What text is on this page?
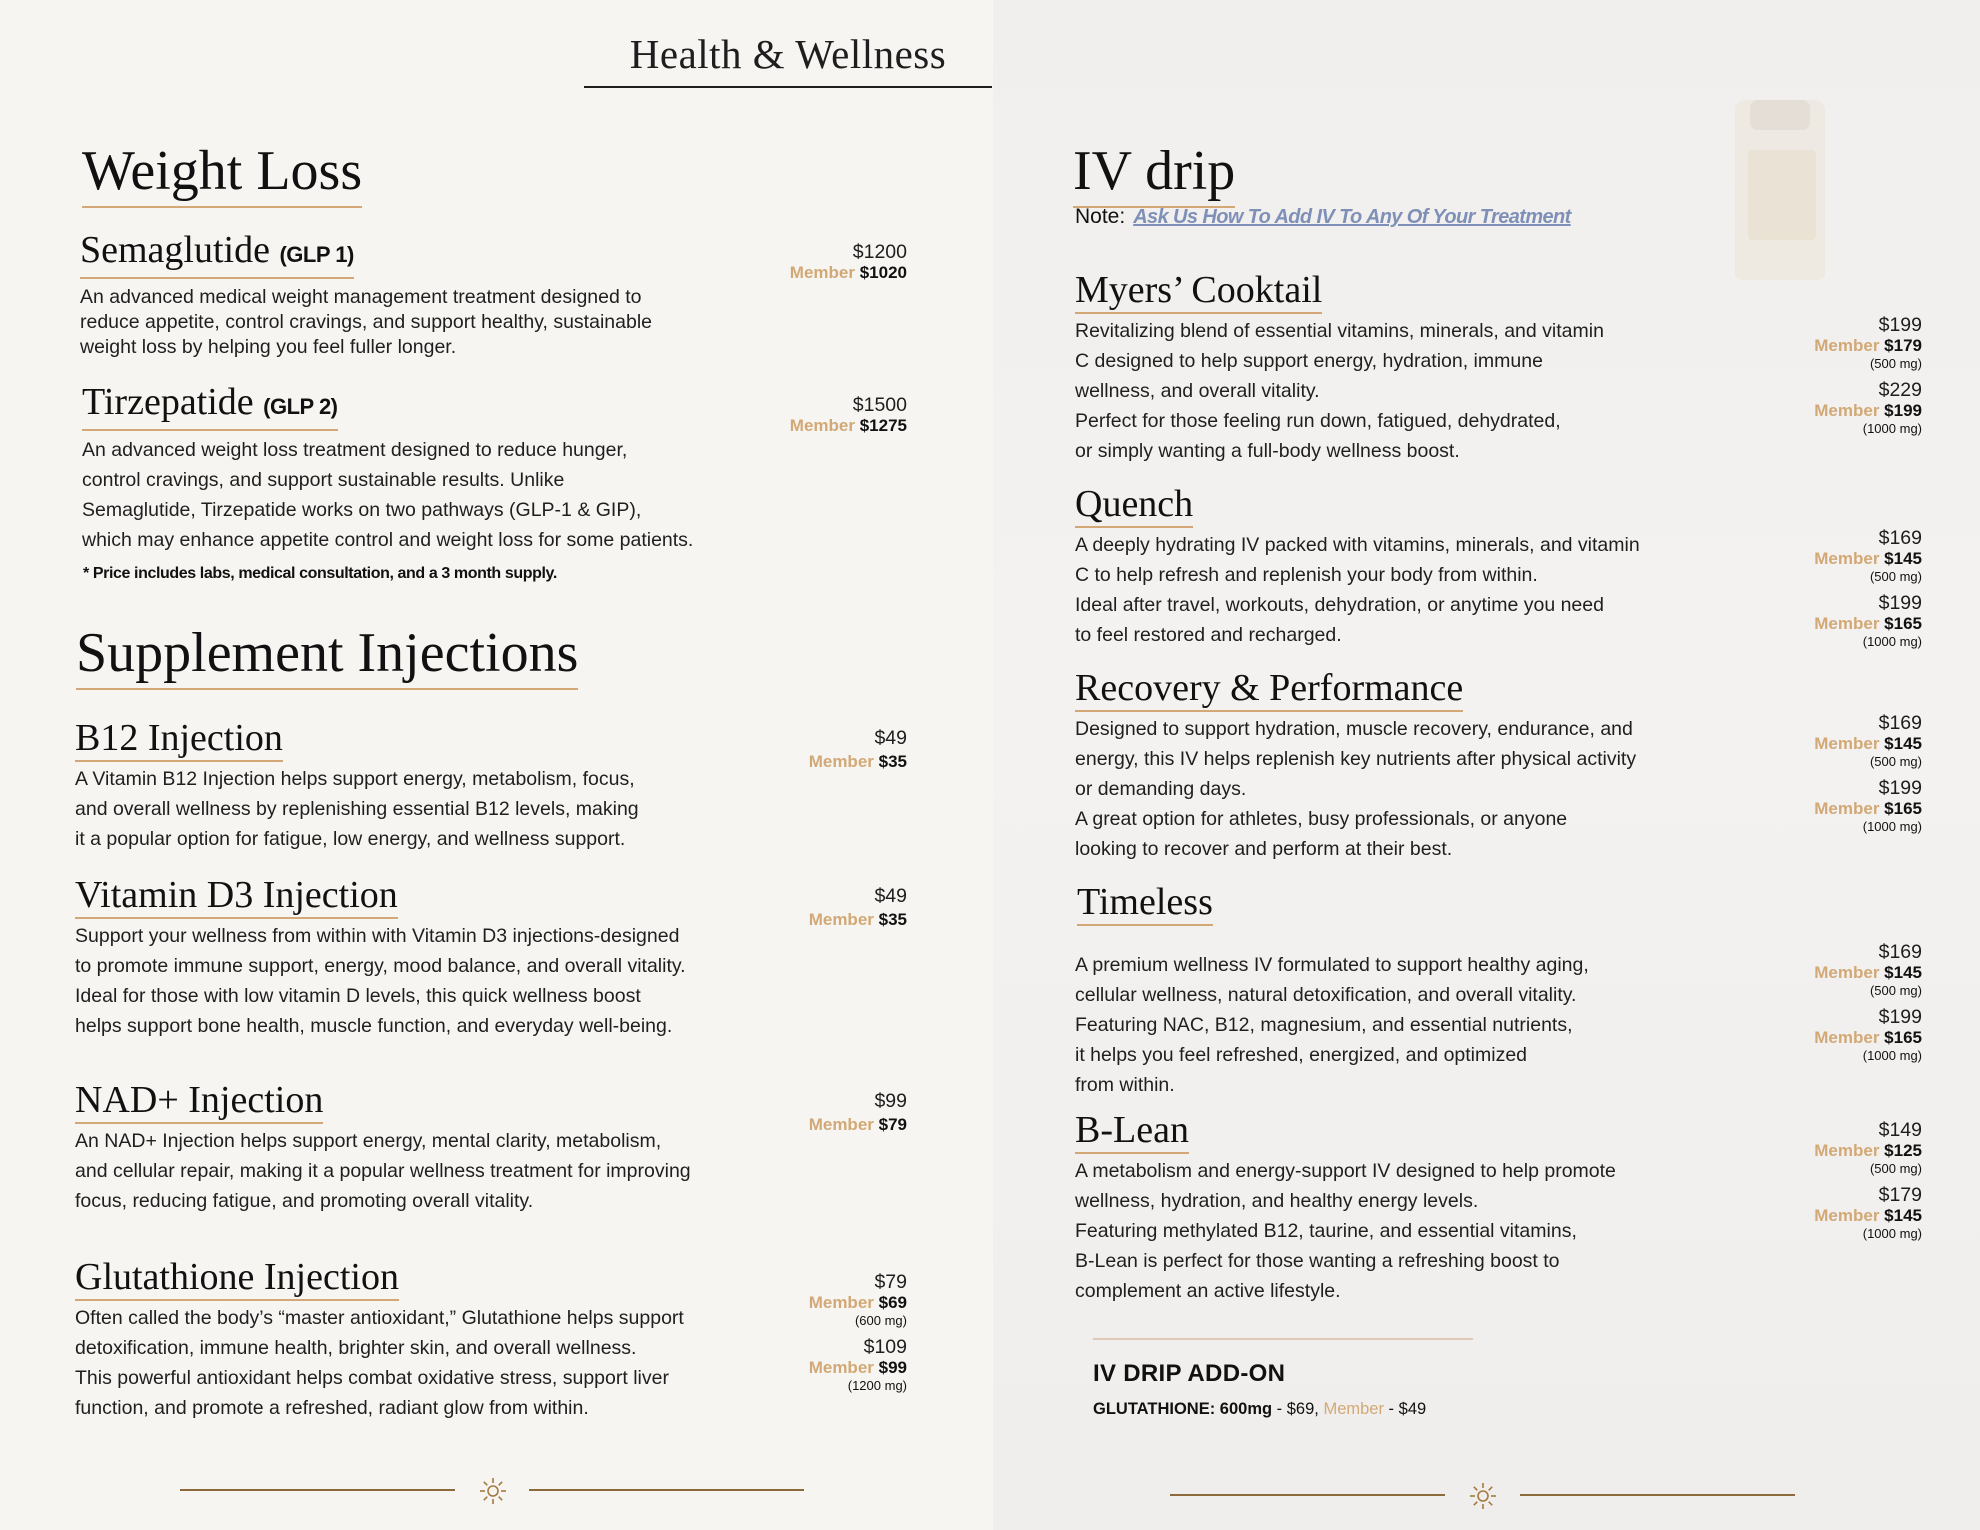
Health & Wellness
Weight Loss
Semaglutide (GLP 1)
An advanced medical weight management treatment designed to
reduce appetite, control cravings, and support healthy, sustainable
weight loss by helping you feel fuller longer.
$1200
Member $1020
Tirzepatide (GLP 2)
An advanced weight loss treatment designed to reduce hunger,
control cravings, and support sustainable results. Unlike
Semaglutide, Tirzepatide works on two pathways (GLP-1 & GIP),
which may enhance appetite control and weight loss for some patients.
$1500
Member $1275
* Price includes labs, medical consultation, and a 3 month supply.
Supplement Injections
B12 Injection
A Vitamin B12 Injection helps support energy, metabolism, focus,
and overall wellness by replenishing essential B12 levels, making
it a popular option for fatigue, low energy, and wellness support.
$49
Member $35
Vitamin D3 Injection
Support your wellness from within with Vitamin D3 injections-designed
to promote immune support, energy, mood balance, and overall vitality.
Ideal for those with low vitamin D levels, this quick wellness boost
helps support bone health, muscle function, and everyday well-being.
$49
Member $35
NAD+ Injection
An NAD+ Injection helps support energy, mental clarity, metabolism,
and cellular repair, making it a popular wellness treatment for improving
focus, reducing fatigue, and promoting overall vitality.
$99
Member $79
Glutathione Injection
Often called the body’s “master antioxidant,” Glutathione helps support
detoxification, immune health, brighter skin, and overall wellness.
This powerful antioxidant helps combat oxidative stress, support liver
function, and promote a refreshed, radiant glow from within.
$79
Member $69
(600 mg)
$109
Member $99
(1200 mg)
IV drip
Note: Ask Us How To Add IV To Any Of Your Treatment
Myers’ Cooktail
Revitalizing blend of essential vitamins, minerals, and vitamin
C designed to help support energy, hydration, immune
wellness, and overall vitality.
Perfect for those feeling run down, fatigued, dehydrated,
or simply wanting a full-body wellness boost.
$199
Member $179
(500 mg)
$229
Member $199
(1000 mg)
Quench
A deeply hydrating IV packed with vitamins, minerals, and vitamin
C to help refresh and replenish your body from within.
Ideal after travel, workouts, dehydration, or anytime you need
to feel restored and recharged.
$169
Member $145
(500 mg)
$199
Member $165
(1000 mg)
Recovery & Performance
Designed to support hydration, muscle recovery, endurance, and
energy, this IV helps replenish key nutrients after physical activity
or demanding days.
A great option for athletes, busy professionals, or anyone
looking to recover and perform at their best.
$169
Member $145
(500 mg)
$199
Member $165
(1000 mg)
Timeless
A premium wellness IV formulated to support healthy aging,
cellular wellness, natural detoxification, and overall vitality.
Featuring NAC, B12, magnesium, and essential nutrients,
it helps you feel refreshed, energized, and optimized
from within.
$169
Member $145
(500 mg)
$199
Member $165
(1000 mg)
B-Lean
A metabolism and energy-support IV designed to help promote
wellness, hydration, and healthy energy levels.
Featuring methylated B12, taurine, and essential vitamins,
B-Lean is perfect for those wanting a refreshing boost to
complement an active lifestyle.
$149
Member $125
(500 mg)
$179
Member $145
(1000 mg)
IV DRIP ADD-ON
GLUTATHIONE: 600mg - $69, Member - $49
